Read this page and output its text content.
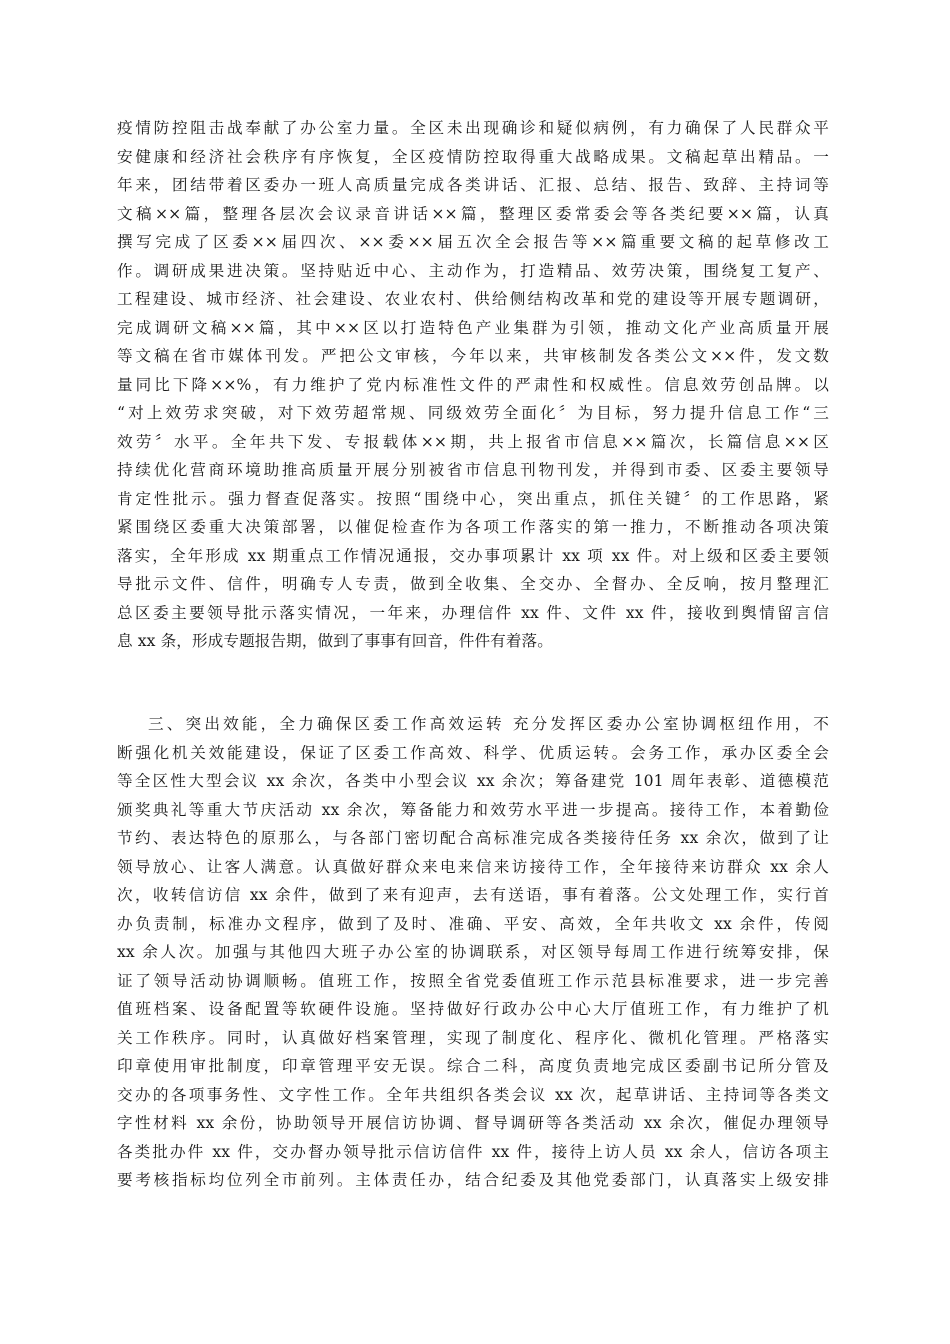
疫情防控阻击战奉献了办公室力量。全区未出现确诊和疑似病例，有力确保了人民群众平
安健康和经济社会秩序有序恢复，全区疫情防控取得重大战略成果。文稿起草出精品。一
年来，团结带着区委办一班人高质量完成各类讲话、汇报、总结、报告、致辞、主持词等
文稿××篇，整理各层次会议录音讲话××篇，整理区委常委会等各类纪要××篇，认真
撰写完成了区委××届四次、××委××届五次全会报告等××篇重要文稿的起草修改工
作。调研成果进决策。坚持贴近中心、主动作为，打造精品、效劳决策，围绕复工复产、
工程建设、城市经济、社会建设、农业农村、供给侧结构改革和党的建设等开展专题调研，
完成调研文稿××篇，其中××区以打造特色产业集群为引领，推动文化产业高质量开展
等文稿在省市媒体刊发。严把公文审核，今年以来，共审核制发各类公文××件，发文数
量同比下降××%，有力维护了党内标准性文件的严肃性和权威性。信息效劳创品牌。以
“对上效劳求突破，对下效劳超常规、同级效劳全面化〞为目标，努力提升信息工作“三
效劳〞水平。全年共下发、专报载体××期，共上报省市信息××篇次，长篇信息××区
持续优化营商环境助推高质量开展分别被省市信息刊物刊发，并得到市委、区委主要领导
肯定性批示。强力督查促落实。按照“围绕中心，突出重点，抓住关键〞的工作思路，紧
紧围绕区委重大决策部署，以催促检查作为各项工作落实的第一推力，不断推动各项决策
落实，全年形成 xx 期重点工作情况通报，交办事项累计 xx 项 xx 件。对上级和区委主要领
导批示文件、信件，明确专人专责，做到全收集、全交办、全督办、全反响，按月整理汇
总区委主要领导批示落实情况，一年来，办理信件 xx 件、文件 xx 件，接收到舆情留言信
息 xx 条，形成专题报告期，做到了事事有回音，件件有着落。
三、突出效能，全力确保区委工作高效运转 充分发挥区委办公室协调枢纽作用，不
断强化机关效能建设，保证了区委工作高效、科学、优质运转。会务工作，承办区委全会
等全区性大型会议 xx 余次，各类中小型会议 xx 余次；筹备建党 101 周年表彰、道德模范
颁奖典礼等重大节庆活动 xx 余次，筹备能力和效劳水平进一步提高。接待工作，本着勤俭
节约、表达特色的原那么，与各部门密切配合高标准完成各类接待任务 xx 余次，做到了让
领导放心、让客人满意。认真做好群众来电来信来访接待工作，全年接待来访群众 xx 余人
次，收转信访信 xx 余件，做到了来有迎声，去有送语，事有着落。公文处理工作，实行首
办负责制，标准办文程序，做到了及时、准确、平安、高效，全年共收文 xx 余件，传阅
xx 余人次。加强与其他四大班子办公室的协调联系，对区领导每周工作进行统筹安排，保
证了领导活动协调顺畅。值班工作，按照全省党委值班工作示范县标准要求，进一步完善
值班档案、设备配置等软硬件设施。坚持做好行政办公中心大厅值班工作，有力维护了机
关工作秩序。同时，认真做好档案管理，实现了制度化、程序化、微机化管理。严格落实
印章使用审批制度，印章管理平安无误。综合二科，高度负责地完成区委副书记所分管及
交办的各项事务性、文字性工作。全年共组织各类会议 xx 次，起草讲话、主持词等各类文
字性材料 xx 余份，协助领导开展信访协调、督导调研等各类活动 xx 余次，催促办理领导
各类批办件 xx 件，交办督办领导批示信访信件 xx 件，接待上访人员 xx 余人，信访各项主
要考核指标均位列全市前列。主体责任办，结合纪委及其他党委部门，认真落实上级安排
